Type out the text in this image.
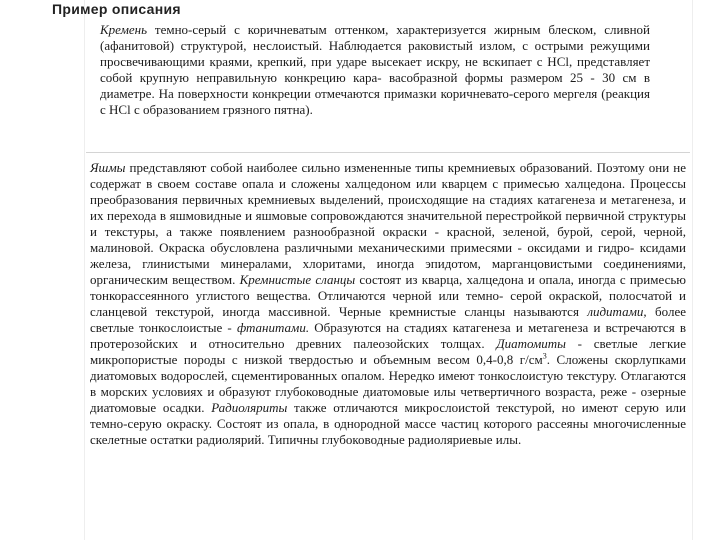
Пример описания

Кремень темно-серый с коричневатым оттенком, характеризуется жирным блеском, сливной (афанитовой) структурой, неслоистый. Наблюдается раковистый излом, с острыми режущими просвечивающими краями, крепкий, при ударе высекает искру, не вскипает с НСl, представляет собой крупную неправильную конкрецию кара- васобразной формы размером 25 - 30 см в диаметре. На поверхности конкреции отмечаются примазки коричневато-серого мергеля (реакция с НСl с образованием грязного пятна).

Яшмы представляют собой наиболее сильно измененные типы кремниевых образований. Поэтому они не содержат в своем составе опала и сложены халцедоном или кварцем с примесью халцедона. Процессы преобразования первичных кремниевых выделений, происходящие на стадиях катагенеза и метагенеза, и их перехода в яшмовидные и яшмовые сопровождаются значительной перестройкой первичной структуры и текстуры, а также появлением разнообразной окраски - красной, зеленой, бурой, серой, черной, малиновой. Окраска обусловлена различными механическими примесями - оксидами и гидро- ксидами железа, глинистыми минералами, хлоритами, иногда эпидотом, марганцовистыми соединениями, органическим веществом. Кремнистые сланцы состоят из кварца, халцедона и опала, иногда с примесью тонкорассеянного углистого вещества. Отличаются черной или темно- серой окраской, полосчатой и сланцевой текстурой, иногда массивной. Черные кремнистые сланцы называются лидитами, более светлые тонкослоистые - фтанитами. Образуются на стадиях катагенеза и метагенеза и встречаются в протерозойских и относительно древних палеозойских толщах. Диатомиты - светлые легкие микропористые породы с низкой твердостью и объемным весом 0,4-0,8 $г/см^3$. Сложены скорлупками диатомовых водорослей, сцементированных опалом. Нередко имеют тонкослоистую текстуру. Отлагаются в морских условиях и образуют глубоководные диатомовые илы четвертичного возраста, реже - озерные диатомовые осадки. Радиоляриты также отличаются микрослоистой текстурой, но имеют серую или темно-серую окраску. Состоят из опала, в однородной массе частиц которого рассеяны многочисленные скелетные остатки радиолярий. Типичны глубоководные радиоляриевые илы.
